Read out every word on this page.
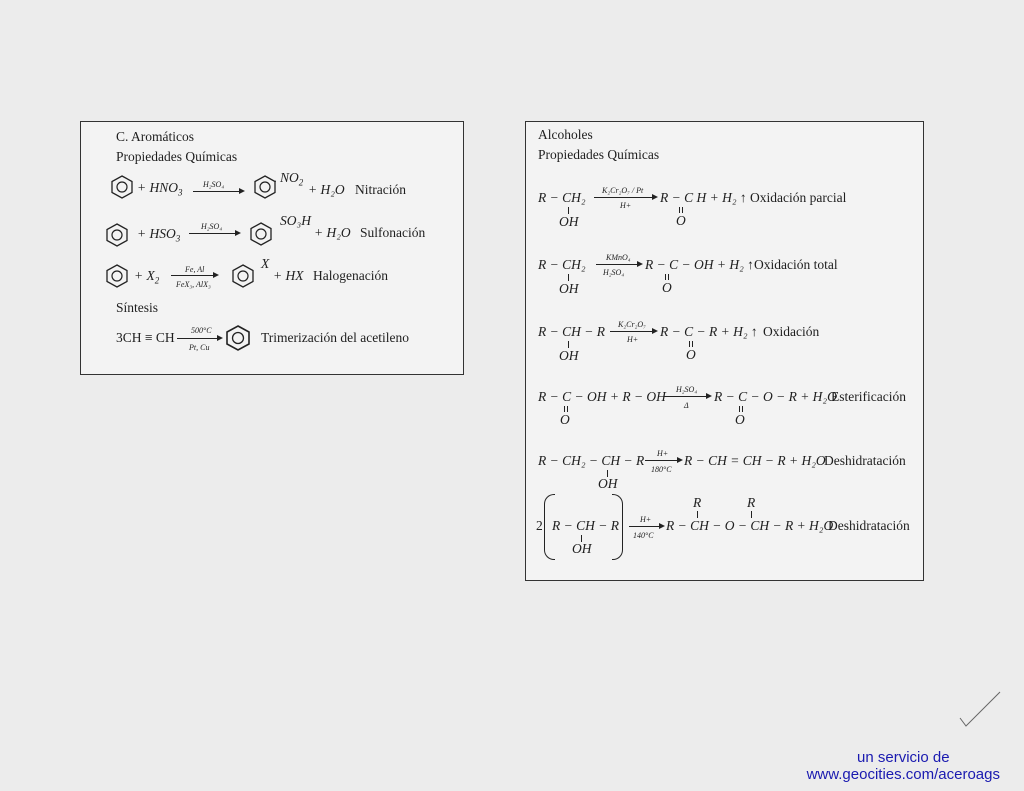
C. Aromáticos
Propiedades Químicas
+ $HNO_3$
H₂SO₄	$NO_2 + H_2O$ Nitración
+ $HSO_3$
H₂SO₄	SO₃H
+ H₂O Sulfonación
+ $X_2$
Fe, Al
FeX₃, AlX₃
X
+ HX Halogenación
Síntesis
3CH ≡ CH 500°C
Pt, Cu
Trimerización del acetileno
Alcoholes
Propiedades Químicas
R − CH₂
OH
K₂Cr₂O₇ / Pt
H+
R − C H + H₂ ↑
O
Oxidación parcial
R − CH₂
OH
KMnO₄
H₂SO₄
R − C − OH + H₂ ↑
O
Oxidación total
R − CH − R
OH
K₂Cr₂O₇
H+
R − C − R + H₂ ↑
O
Oxidación
R − C − OH + R − OH
O
H₂SO₄
Δ
R − C − O − R + H₂O
O
Esterificación
R − CH₂ − CH − R
OH
H+
180°C
R − CH = CH − R + H₂O
Deshidratación
R	R
2 R − CH − R
OH
H+
140°C
R − CH − O − CH − R + H₂O
Deshidratación
un servicio de
www.geocities.com/aceroags
